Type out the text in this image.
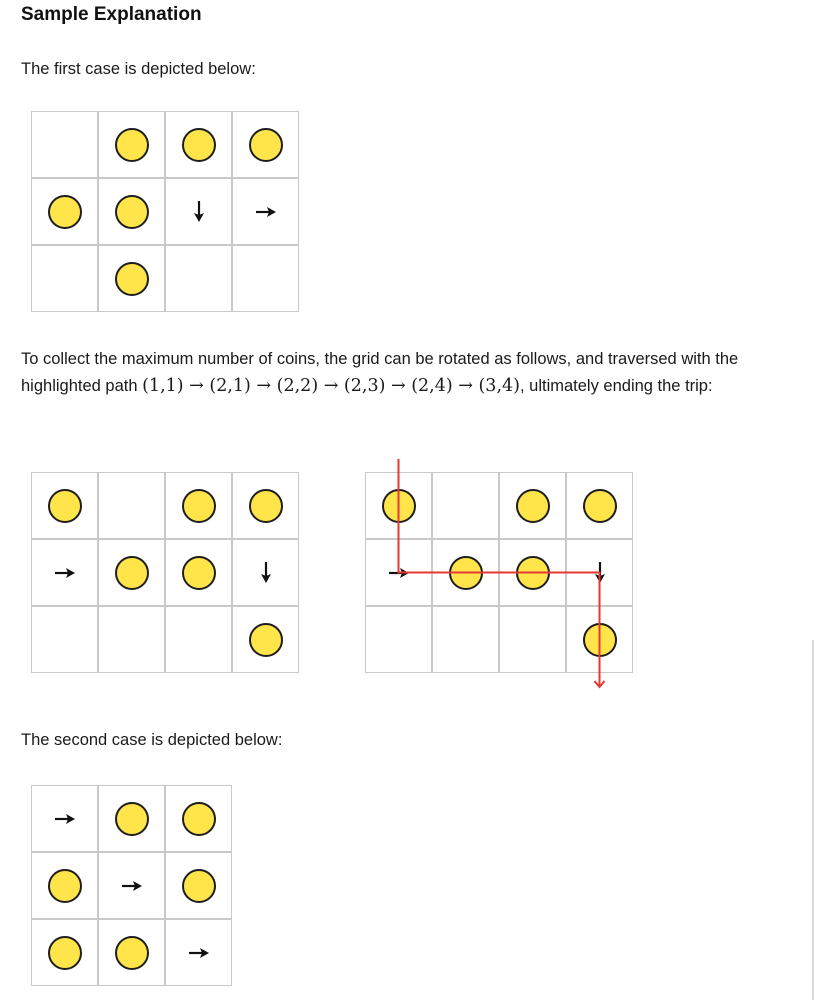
Sample Explanation
The first case is depicted below:
To collect the maximum number of coins, the grid can be rotated as follows, and traversed with the highlighted path (1,1) → (2,1) → (2,2) → (2,3) → (2,4) → (3,4), ultimately ending the trip:
The second case is depicted below:
